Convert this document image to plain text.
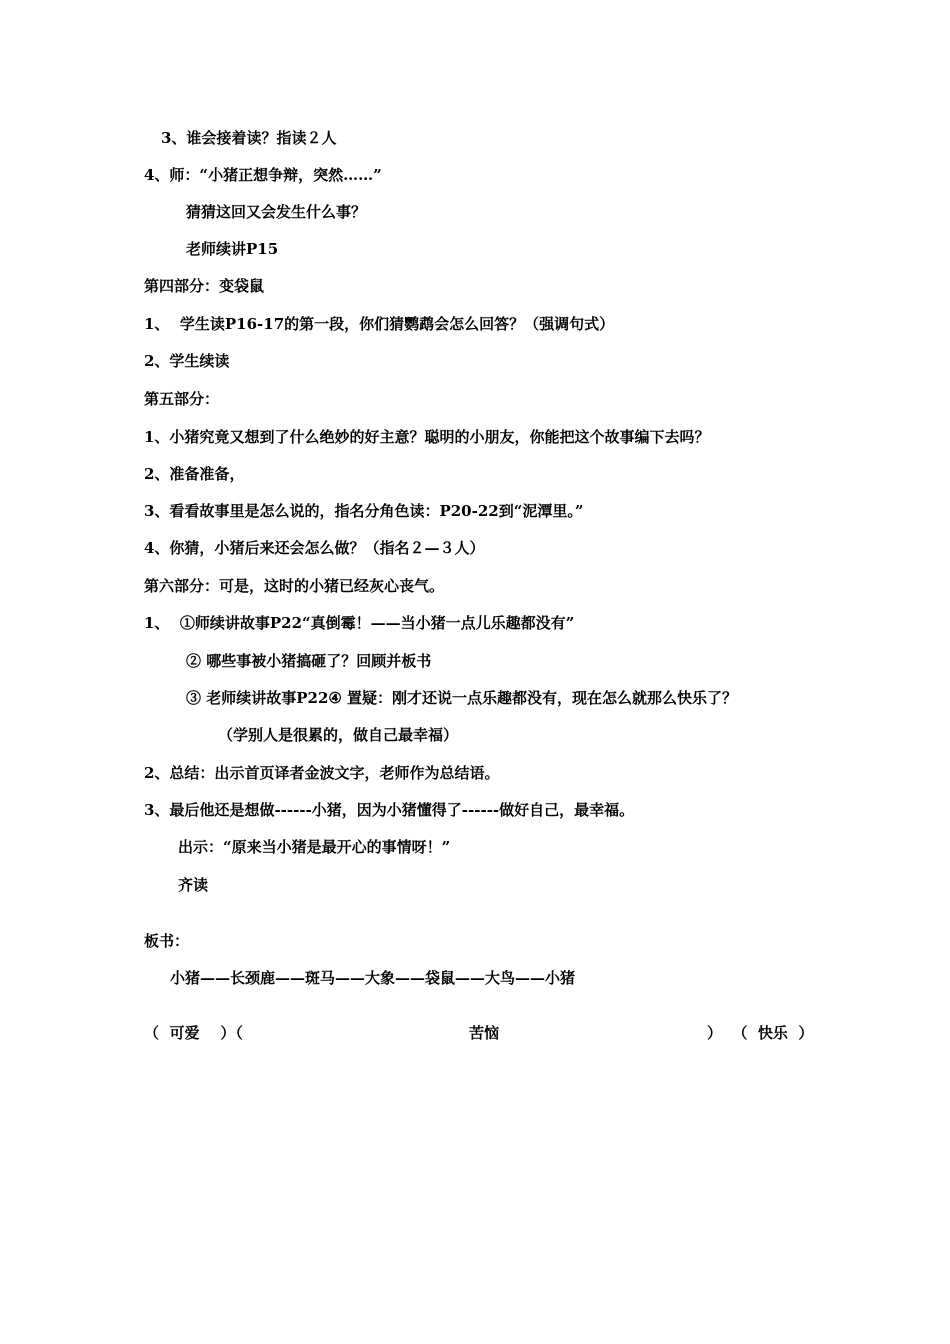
3、谁会接着读？指读２人
4、师：“小猪正想争辩，突然……”
猜猜这回又会发生什么事？
老师续讲P15
第四部分：变袋鼠
1、  学生读P16-17的第一段，你们猜鹦鹉会怎么回答？（强调句式）
2、学生续读
第五部分：
1、小猪究竟又想到了什么绝妙的好主意？聪明的小朋友，你能把这个故事编下去吗？
2、准备准备，
3、看看故事里是怎么说的，指名分角色读：P20-22到“泥潭里。”
4、你猜，小猪后来还会怎么做？（指名２—３人）
第六部分：可是，这时的小猪已经灰心丧气。
1、  ①师续讲故事P22“真倒霉！——当小猪一点儿乐趣都没有”
② 哪些事被小猪搞砸了？回顾并板书
③ 老师续讲故事P22④ 置疑：刚才还说一点乐趣都没有，现在怎么就那么快乐了？
（学别人是很累的，做自己最幸福）
2、总结：出示首页译者金波文字，老师作为总结语。
3、最后他还是想做------小猪，因为小猪懂得了------做好自己，最幸福。
出示：“原来当小猪是最开心的事情呀！”
齐读
板书：
小猪——长颈鹿——斑马——大象——袋鼠——大鸟——小猪
（  可爱    ）（	苦恼	）  （  快乐  ）
